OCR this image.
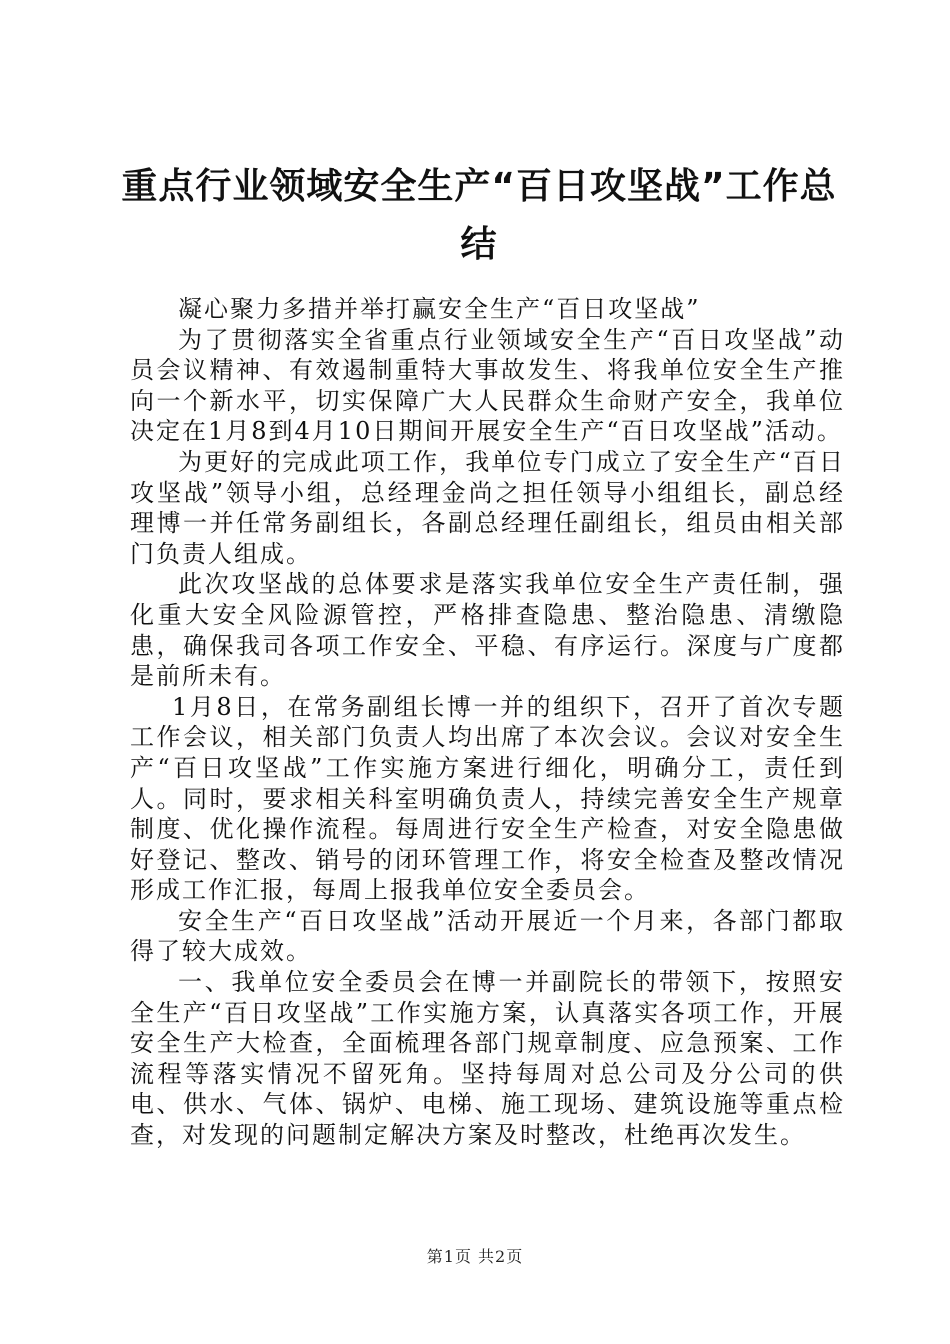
重点行业领域安全生产“百日攻坚战”工作总结

凝心聚力多措并举打赢安全生产“百日攻坚战”

为了贯彻落实全省重点行业领域安全生产“百日攻坚战”动员会议精神、有效遏制重特大事故发生、将我单位安全生产推向一个新水平，切实保障广大人民群众生命财产安全，我单位决定在1月8到4月10日期间开展安全生产“百日攻坚战”活动。

为更好的完成此项工作，我单位专门成立了安全生产“百日攻坚战”领导小组，总经理金尚之担任领导小组组长，副总经理博一并任常务副组长，各副总经理任副组长，组员由相关部门负责人组成。

此次攻坚战的总体要求是落实我单位安全生产责任制，强化重大安全风险源管控，严格排查隐患、整治隐患、清缴隐患，确保我司各项工作安全、平稳、有序运行。深度与广度都是前所未有。

1月8日，在常务副组长博一并的组织下，召开了首次专题工作会议，相关部门负责人均出席了本次会议。会议对安全生产“百日攻坚战”工作实施方案进行细化，明确分工，责任到人。同时，要求相关科室明确负责人，持续完善安全生产规章制度、优化操作流程。每周进行安全生产检查，对安全隐患做好登记、整改、销号的闭环管理工作，将安全检查及整改情况形成工作汇报，每周上报我单位安全委员会。

安全生产“百日攻坚战”活动开展近一个月来，各部门都取得了较大成效。

一、我单位安全委员会在博一并副院长的带领下，按照安全生产“百日攻坚战”工作实施方案，认真落实各项工作，开展安全生产大检查，全面梳理各部门规章制度、应急预案、工作流程等落实情况不留死角。坚持每周对总公司及分公司的供电、供水、气体、锅炉、电梯、施工现场、建筑设施等重点检查，对发现的问题制定解决方案及时整改，杜绝再次发生。

第1页 共2页
